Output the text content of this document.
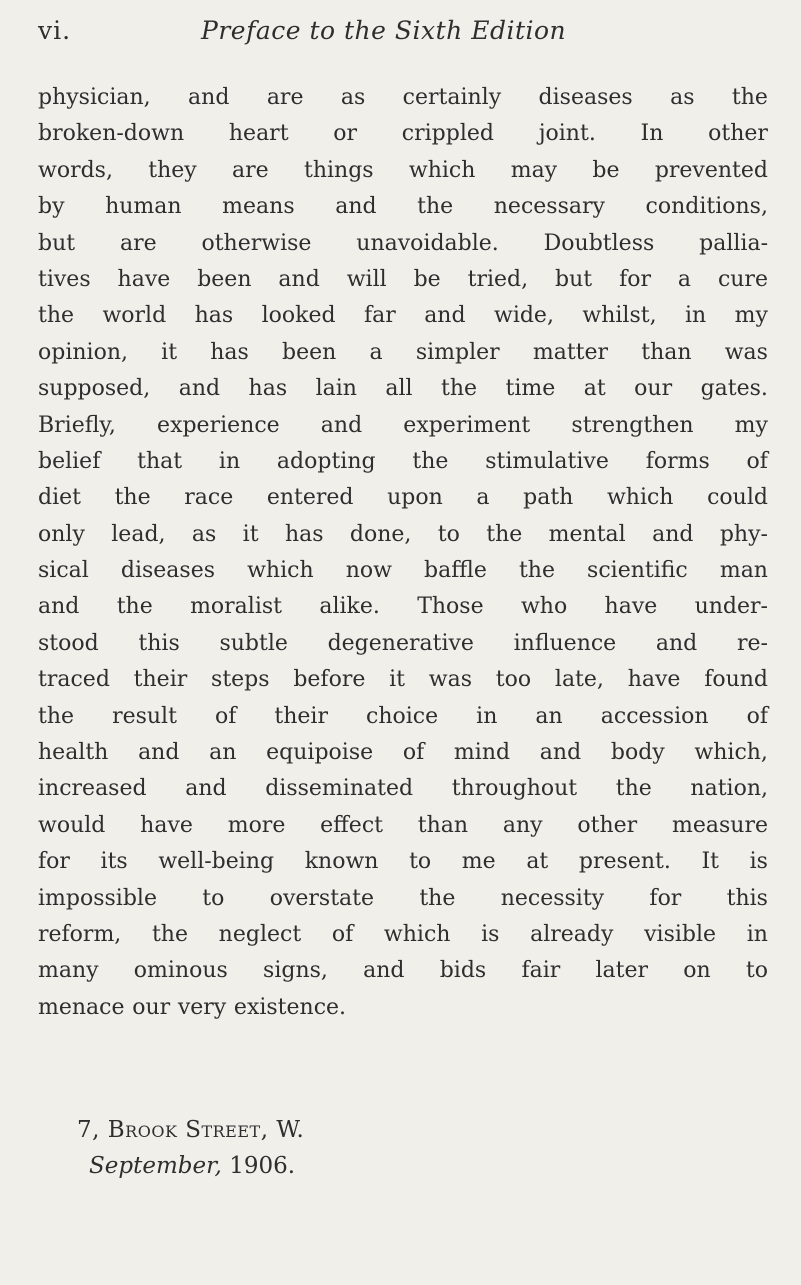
vi.	Preface to the Sixth Edition
physician, and are as certainly diseases as the
broken-down heart or crippled joint. In other
words, they are things which may be prevented
by human means and the necessary conditions,
but are otherwise unavoidable. Doubtless pallia-
tives have been and will be tried, but for a cure
the world has looked far and wide, whilst, in my
opinion, it has been a simpler matter than was
supposed, and has lain all the time at our gates.
Briefly, experience and experiment strengthen my
belief that in adopting the stimulative forms of
diet the race entered upon a path which could
only lead, as it has done, to the mental and phy-
sical diseases which now baffle the scientific man
and the moralist alike. Those who have under-
stood this subtle degenerative influence and re-
traced their steps before it was too late, have found
the result of their choice in an accession of
health and an equipoise of mind and body which,
increased and disseminated throughout the nation,
would have more effect than any other measure
for its well-being known to me at present. It is
impossible to overstate the necessity for this
reform, the neglect of which is already visible in
many ominous signs, and bids fair later on to
menace our very existence.
7, Brook Street, W.
September, 1906.
